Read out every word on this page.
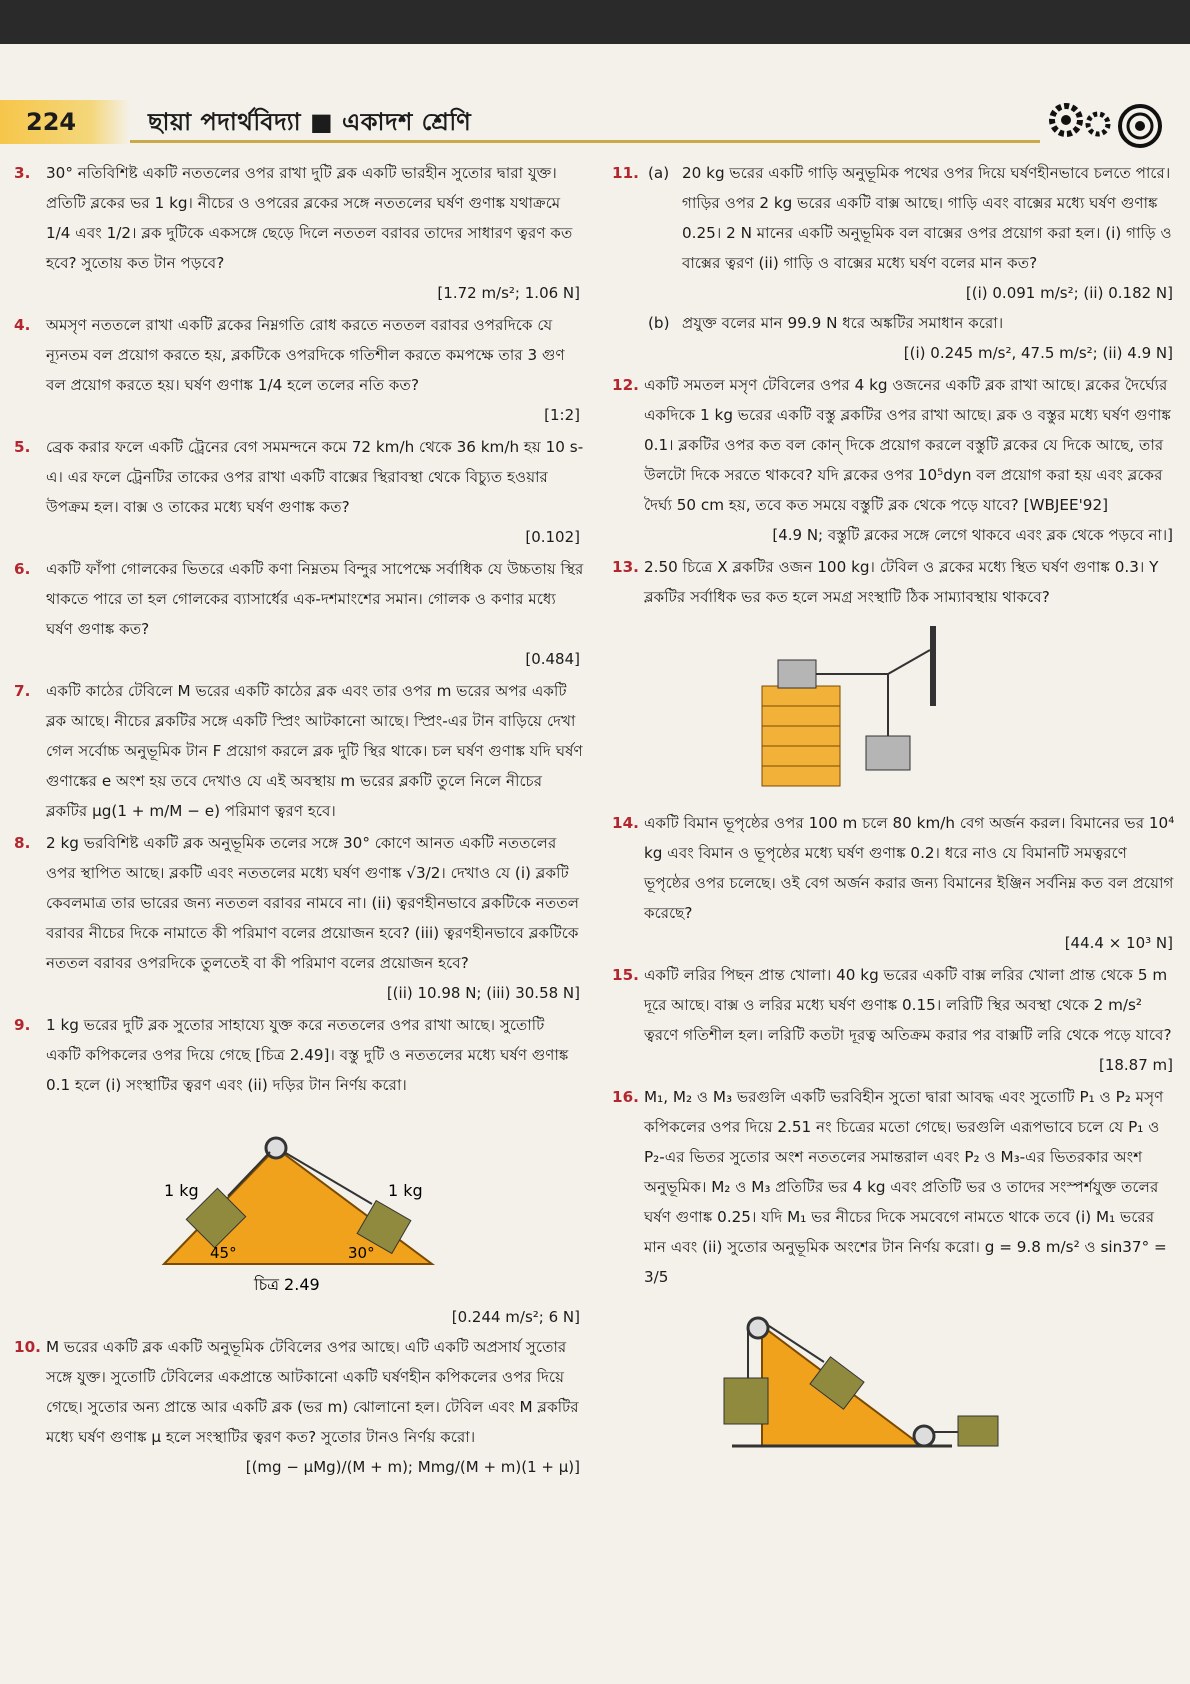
224	ছায়া পদার্থবিদ্যা ■ একাদশ শ্রেণি
3. 30° নতিবিশিষ্ট একটি নততলের ওপর রাখা দুটি ব্লক একটি ভারহীন সুতোর দ্বারা যুক্ত। প্রতিটি ব্লকের ভর 1 kg। নীচের ও ওপরের ব্লকের সঙ্গে নততলের ঘর্ষণ গুণাঙ্ক যথাক্রমে 1/4 এবং 1/2। ব্লক দুটিকে একসঙ্গে ছেড়ে দিলে নততল বরাবর তাদের সাধারণ ত্বরণ কত হবে? সুতোয় কত টান পড়বে?
[1.72 m/s²; 1.06 N]
4. অমসৃণ নততলে রাখা একটি ব্লকের নিম্নগতি রোধ করতে নততল বরাবর ওপরদিকে যে ন্যূনতম বল প্রয়োগ করতে হয়, ব্লকটিকে ওপরদিকে গতিশীল করতে কমপক্ষে তার 3 গুণ বল প্রয়োগ করতে হয়। ঘর্ষণ গুণাঙ্ক 1/4 হলে তলের নতি কত?
[1:2]
5. ব্রেক করার ফলে একটি ট্রেনের বেগ সমমন্দনে কমে 72 km/h থেকে 36 km/h হয় 10 s-এ। এর ফলে ট্রেনটির তাকের ওপর রাখা একটি বাক্সের স্থিরাবস্থা থেকে বিচ্যুত হওয়ার উপক্রম হল। বাক্স ও তাকের মধ্যে ঘর্ষণ গুণাঙ্ক কত?
[0.102]
6. একটি ফাঁপা গোলকের ভিতরে একটি কণা নিম্নতম বিন্দুর সাপেক্ষে সর্বাধিক যে উচ্চতায় স্থির থাকতে পারে তা হল গোলকের ব্যাসার্ধের এক-দশমাংশের সমান। গোলক ও কণার মধ্যে ঘর্ষণ গুণাঙ্ক কত?
[0.484]
7. একটি কাঠের টেবিলে M ভরের একটি কাঠের ব্লক এবং তার ওপর m ভরের অপর একটি ব্লক আছে। নীচের ব্লকটির সঙ্গে একটি স্প্রিং আটকানো আছে। স্প্রিং-এর টান বাড়িয়ে দেখা গেল সর্বোচ্চ অনুভূমিক টান F প্রয়োগ করলে ব্লক দুটি স্থির থাকে। চল ঘর্ষণ গুণাঙ্ক যদি ঘর্ষণ গুণাঙ্কের e অংশ হয় তবে দেখাও যে এই অবস্থায় m ভরের ব্লকটি তুলে নিলে নীচের ব্লকটির μg(1 + m/M − e) পরিমাণ ত্বরণ হবে।
8. 2 kg ভরবিশিষ্ট একটি ব্লক অনুভূমিক তলের সঙ্গে 30° কোণে আনত একটি নততলের ওপর স্থাপিত আছে। ব্লকটি এবং নততলের মধ্যে ঘর্ষণ গুণাঙ্ক √3/2। দেখাও যে (i) ব্লকটি কেবলমাত্র তার ভারের জন্য নততল বরাবর নামবে না। (ii) ত্বরণহীনভাবে ব্লকটিকে নততল বরাবর নীচের দিকে নামাতে কী পরিমাণ বলের প্রয়োজন হবে? (iii) ত্বরণহীনভাবে ব্লকটিকে নততল বরাবর ওপরদিকে তুলতেই বা কী পরিমাণ বলের প্রয়োজন হবে?
[(ii) 10.98 N; (iii) 30.58 N]
9. 1 kg ভরের দুটি ব্লক সুতোর সাহায্যে যুক্ত করে নততলের ওপর রাখা আছে। সুতোটি একটি কপিকলের ওপর দিয়ে গেছে [চিত্র 2.49]। বস্তু দুটি ও নততলের মধ্যে ঘর্ষণ গুণাঙ্ক 0.1 হলে (i) সংস্থাটির ত্বরণ এবং (ii) দড়ির টান নির্ণয় করো।
1 kg	1 kg
45°	30°
চিত্র 2.49
[0.244 m/s²; 6 N]
10. M ভরের একটি ব্লক একটি অনুভূমিক টেবিলের ওপর আছে। এটি একটি অপ্রসার্য সুতোর সঙ্গে যুক্ত। সুতোটি টেবিলের একপ্রান্তে আটকানো একটি ঘর্ষণহীন কপিকলের ওপর দিয়ে গেছে। সুতোর অন্য প্রান্তে আর একটি ব্লক (ভর m) ঝোলানো হল। টেবিল এবং M ব্লকটির মধ্যে ঘর্ষণ গুণাঙ্ক μ হলে সংস্থাটির ত্বরণ কত? সুতোর টানও নির্ণয় করো।
[(mg − μMg)/(M + m); Mmg/(M + m)(1 + μ)]
11. (a) 20 kg ভরের একটি গাড়ি অনুভূমিক পথের ওপর দিয়ে ঘর্ষণহীনভাবে চলতে পারে। গাড়ির ওপর 2 kg ভরের একটি বাক্স আছে। গাড়ি এবং বাক্সের মধ্যে ঘর্ষণ গুণাঙ্ক 0.25। 2 N মানের একটি অনুভূমিক বল বাক্সের ওপর প্রয়োগ করা হল। (i) গাড়ি ও বাক্সের ত্বরণ (ii) গাড়ি ও বাক্সের মধ্যে ঘর্ষণ বলের মান কত?
[(i) 0.091 m/s²; (ii) 0.182 N]
(b) প্রযুক্ত বলের মান 99.9 N ধরে অঙ্কটির সমাধান করো।
[(i) 0.245 m/s², 47.5 m/s²; (ii) 4.9 N]
12. একটি সমতল মসৃণ টেবিলের ওপর 4 kg ওজনের একটি ব্লক রাখা আছে। ব্লকের দৈর্ঘ্যের একদিকে 1 kg ভরের একটি বস্তু ব্লকটির ওপর রাখা আছে। ব্লক ও বস্তুর মধ্যে ঘর্ষণ গুণাঙ্ক 0.1। ব্লকটির ওপর কত বল কোন্ দিকে প্রয়োগ করলে বস্তুটি ব্লকের যে দিকে আছে, তার উলটো দিকে সরতে থাকবে? যদি ব্লকের ওপর 10⁵dyn বল প্রয়োগ করা হয় এবং ব্লকের দৈর্ঘ্য 50 cm হয়, তবে কত সময়ে বস্তুটি ব্লক থেকে পড়ে যাবে? [WBJEE'92]
[4.9 N; বস্তুটি ব্লকের সঙ্গে লেগে থাকবে এবং ব্লক থেকে পড়বে না।]
13. 2.50 চিত্রে X ব্লকটির ওজন 100 kg। টেবিল ও ব্লকের মধ্যে স্থিত ঘর্ষণ গুণাঙ্ক 0.3। Y ব্লকটির সর্বাধিক ভর কত হলে সমগ্র সংস্থাটি ঠিক সাম্যাবস্থায় থাকবে?
14. একটি বিমান ভূপৃষ্ঠের ওপর 100 m চলে 80 km/h বেগ অর্জন করল। বিমানের ভর 10⁴ kg এবং বিমান ও ভূপৃষ্ঠের মধ্যে ঘর্ষণ গুণাঙ্ক 0.2। ধরে নাও যে বিমানটি সমত্বরণে ভূপৃষ্ঠের ওপর চলেছে। ওই বেগ অর্জন করার জন্য বিমানের ইঞ্জিন সর্বনিম্ন কত বল প্রয়োগ করেছে?
[44.4 × 10³ N]
15. একটি লরির পিছন প্রান্ত খোলা। 40 kg ভরের একটি বাক্স লরির খোলা প্রান্ত থেকে 5 m দূরে আছে। বাক্স ও লরির মধ্যে ঘর্ষণ গুণাঙ্ক 0.15। লরিটি স্থির অবস্থা থেকে 2 m/s² ত্বরণে গতিশীল হল। লরিটি কতটা দূরত্ব অতিক্রম করার পর বাক্সটি লরি থেকে পড়ে যাবে?
[18.87 m]
16. M₁, M₂ ও M₃ ভরগুলি একটি ভরবিহীন সুতো দ্বারা আবদ্ধ এবং সুতোটি P₁ ও P₂ মসৃণ কপিকলের ওপর দিয়ে 2.51 নং চিত্রের মতো গেছে। ভরগুলি এরূপভাবে চলে যে P₁ ও P₂-এর ভিতর সুতোর অংশ নততলের সমান্তরাল এবং P₂ ও M₃-এর ভিতরকার অংশ অনুভূমিক। M₂ ও M₃ প্রতিটির ভর 4 kg এবং প্রতিটি ভর ও তাদের সংস্পর্শযুক্ত তলের ঘর্ষণ গুণাঙ্ক 0.25। যদি M₁ ভর নীচের দিকে সমবেগে নামতে থাকে তবে (i) M₁ ভরের মান এবং (ii) সুতোর অনুভূমিক অংশের টান নির্ণয় করো। g = 9.8 m/s² ও sin37° = 3/5
